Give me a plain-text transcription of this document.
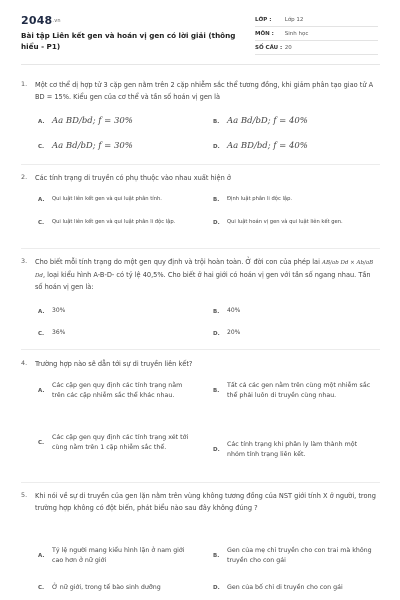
2048.vn
Bài tập Liên kết gen và hoán vị gen có lời giải (thông hiểu - P1)
LỚP : Lớp 12
MÔN : Sinh học
SỐ CÂU : 20
1. Một cơ thể dị hợp tử 3 cặp gen nằm trên 2 cặp nhiễm sắc thể tương đồng, khi giảm phân tạo giao tử A BD = 15%. Kiểu gen của cơ thể và tần số hoán vị gen là
A. Aa BD/bd; f = 30%	B. Aa Bd/bD; f = 40%
C. Aa Bd/bD; f = 30%	D. Aa BD/bd; f = 40%
2. Các tính trạng di truyền có phụ thuộc vào nhau xuất hiện ở
A. Qui luật liên kết gen và qui luật phân tính.	B. Định luật phân li độc lập.
C. Qui luật liên kết gen và qui luật phân li độc lập.	D. Qui luật hoán vị gen và qui luật liên kết gen.
3. Cho biết mỗi tính trạng do một gen quy định và trội hoàn toàn. Ở đời con của phép lai AB/ab Dd × Ab/aB Dd, loại kiểu hình A-B-D- có tỷ lệ 40,5%. Cho biết ở hai giới có hoán vị gen với tần số ngang nhau. Tần số hoán vị gen là:
A. 30%	B. 40%
C. 36%	D. 20%
4. Trường hợp nào sẽ dẫn tới sự di truyền liên kết?
A.Các cặp gen quy định các tính trạng nằm trên các cặp nhiễm sắc thể khác nhau.
B.Tất cả các gen nằm trên cùng một nhiễm sắc thể phải luôn di truyền cùng nhau.
C.Các cặp gen quy định các tính trạng xét tới cùng nằm trên 1 cặp nhiễm sắc thể.	D.Các tính trạng khi phân ly làm thành một nhóm tính trạng liên kết.
5. Khi nói về sự di truyền của gen lặn nằm trên vùng không tương đồng của NST giới tính X ở người, trong trường hợp không có đột biến, phát biểu nào sau đây không đúng ?
A.Tỷ lệ người mang kiểu hình lặn ở nam giới cao hơn ở nữ giới
B.Gen của mẹ chỉ truyền cho con trai mà không truyền cho con gái
C. Ở nữ giới, trong tế bào sinh dưỡng	D. Gen của bố chỉ di truyền cho con gái
